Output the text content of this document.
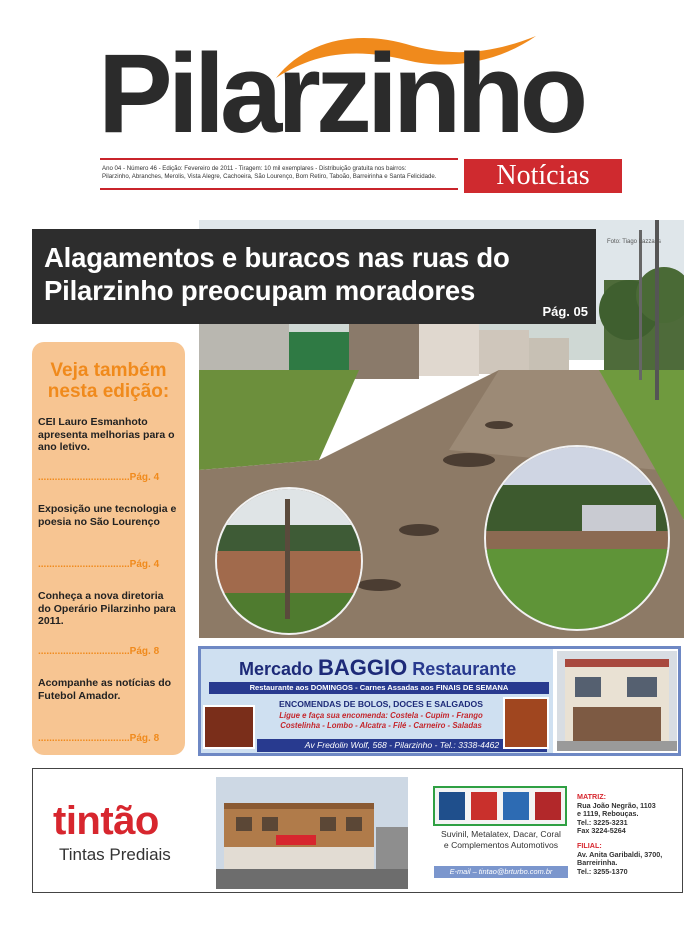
Pilarzinho
Ano 04 - Número 46 - Edição: Fevereiro de 2011 - Tiragem: 10 mil exemplares - Distribuição gratuita nos bairros:
Pilarzinho, Abranches, Merolis, Vista Alegre, Cachoeira, São Lourenço, Bom Retiro, Taboão, Barreirinha e Santa Felicidade.	Notícias
Foto: Tiago Lazzaris
Alagamentos e buracos nas ruas do
Pilarzinho preocupam moradores
Pág. 05
Veja também
nesta edição:
CEI Lauro Esmanhoto apresenta melhorias para o ano letivo.
.................................Pág. 4
Exposição une tecnologia e poesia no São Lourenço
.................................Pág. 4
Conheça a nova diretoria do Operário Pilarzinho para 2011.
.................................Pág. 8
Acompanhe as notícias do Futebol Amador.
.................................Pág. 8
Mercado BAGGIO Restaurante
Restaurante aos DOMINGOS - Carnes Assadas aos FINAIS DE SEMANA
ENCOMENDAS DE BOLOS, DOCES E SALGADOS
Ligue e faça sua encomenda: Costela - Cupim - Frango
Costelinha - Lombo - Alcatra - Filé - Carneiro - Saladas
Av Fredolin Wolf, 568 - Pilarzinho - Tel.: 3338-4462
tintão
Tintas Prediais
Suvinil, Metalatex, Dacar, Coral
e Complementos Automotivos
E-mail – tintao@brturbo.com.br
MATRIZ:
Rua João Negrão, 1103
e 1119, Rebouças.
Tel.: 3225-3231
Fax 3224-5264
FILIAL:
Av. Anita Garibaldi, 3700,
Barreirinha.
Tel.: 3255-1370
